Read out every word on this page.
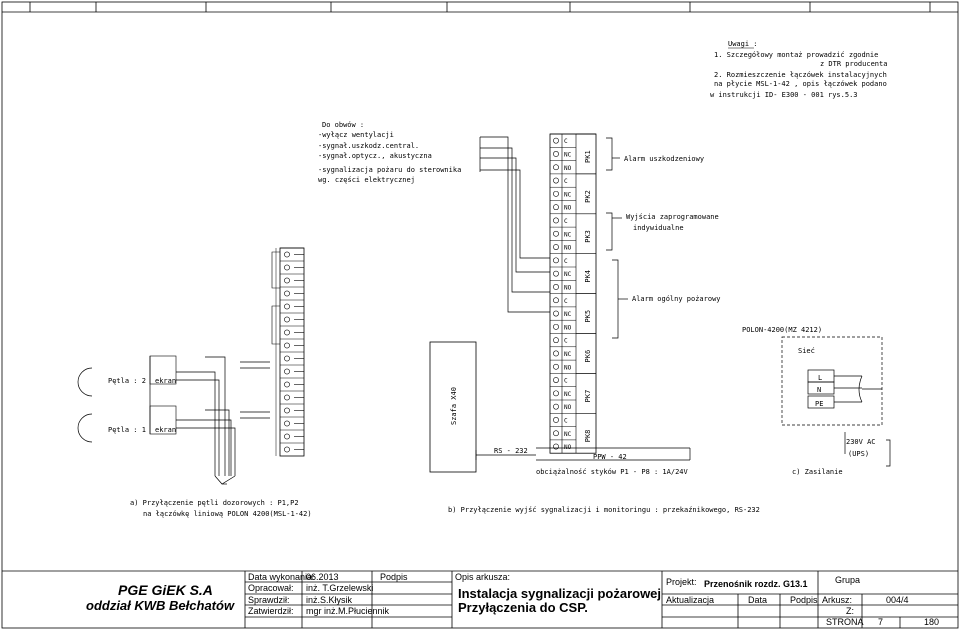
Uwagi :
1. Szczegółowy montaż prowadzić zgodnie
z DTR producenta
2. Rozmieszczenie łączówek instalacyjnych
na płycie MSL-1-42 , opis łączówek podano
w instrukcji ID- E300 - 001 rys.5.3
Do obwów :
-wyłącz wentylacji
-sygnał.uszkodz.central.
-sygnał.optycz., akustyczna
-sygnalizacja pożaru do sterownika
wg. części elektrycznej
C
NC
NO
C
NC
NO
C
NC
NO
C
NC
NO
C
NC
NO
C
NC
NO
C
NC
NO
C
NC
NO
PK1
PK2
PK3
PK4
PK5
PK6
PK7
PK8
Alarm uszkodzeniowy
Wyjścia zaprogramowane
indywidualne
Alarm ogólny pożarowy
RS - 232
PPW - 42
obciążalność styków P1 - P8 : 1A/24V
Szafa X40
POLON-4200(MZ 4212)
Sieć
L
N
PE
230V AC
(UPS)
c) Zasilanie
Pętla : 2 ekran
Pętla : 1 ekran
a) Przyłączenie pętli dozorowych : P1,P2
na łączówkę liniową POLON 4200(MSL-1-42)	b) Przyłączenie wyjść sygnalizacji i monitoringu : przekaźnikowego, RS-232
PGE GiEK S.A
oddział KWB Bełchatów
Data wykonania:
06.2013	Podpis
Opracował: inż. T.Grzelewski
Sprawdził: inż.S.Kłysik
Zatwierdził: mgr inż.M.Płuciennik
Opis arkusza:
Instalacja sygnalizacji pożarowej
Przyłączenia do CSP.
Projekt: Przenośnik rozdz. G13.1	Grupa
Aktualizacja	Data	Podpis Arkusz:	004/4
Z:
STRONA 7	180
